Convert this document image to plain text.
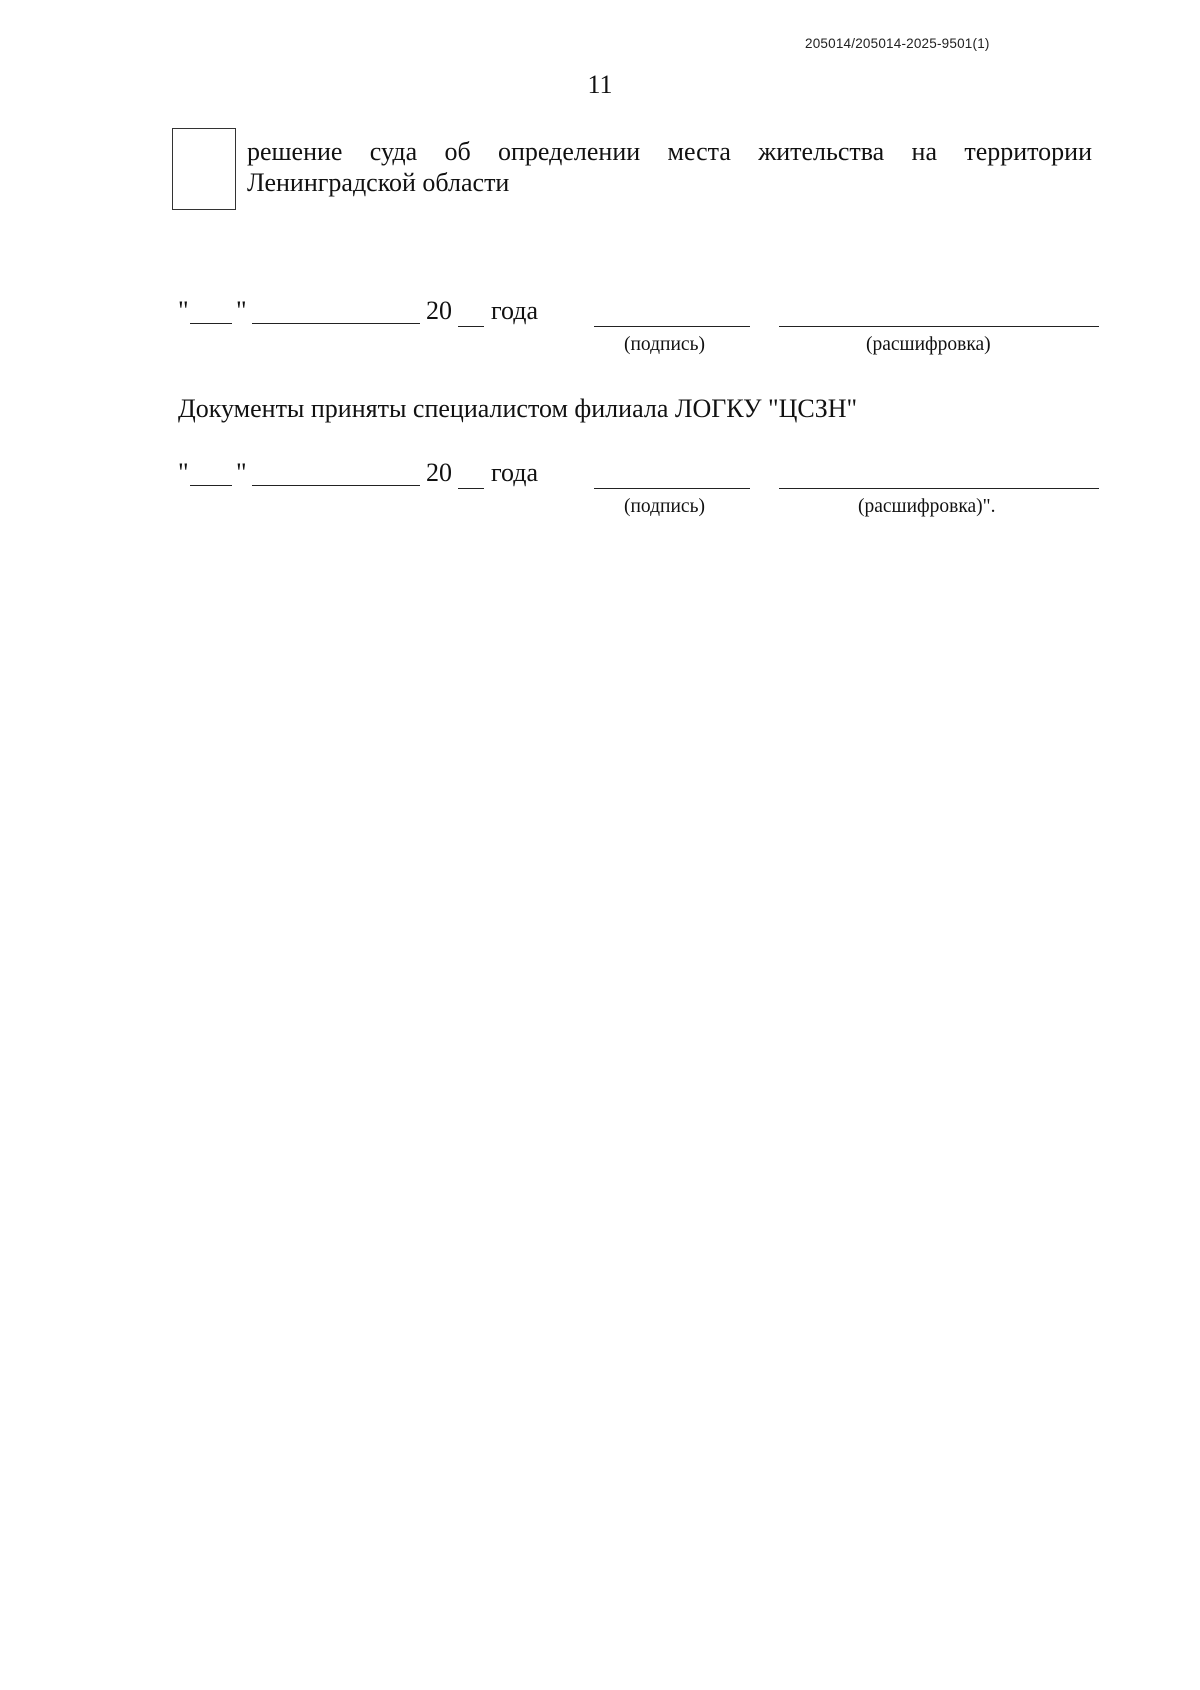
205014/205014-2025-9501(1)
11
решение суда об определении места жительства на территории Ленинградской области
" "	20 года
(подпись)	(расшифровка)
Документы приняты специалистом филиала ЛОГКУ "ЦСЗН"
" "	20 года
(подпись)	(расшифровка)".
